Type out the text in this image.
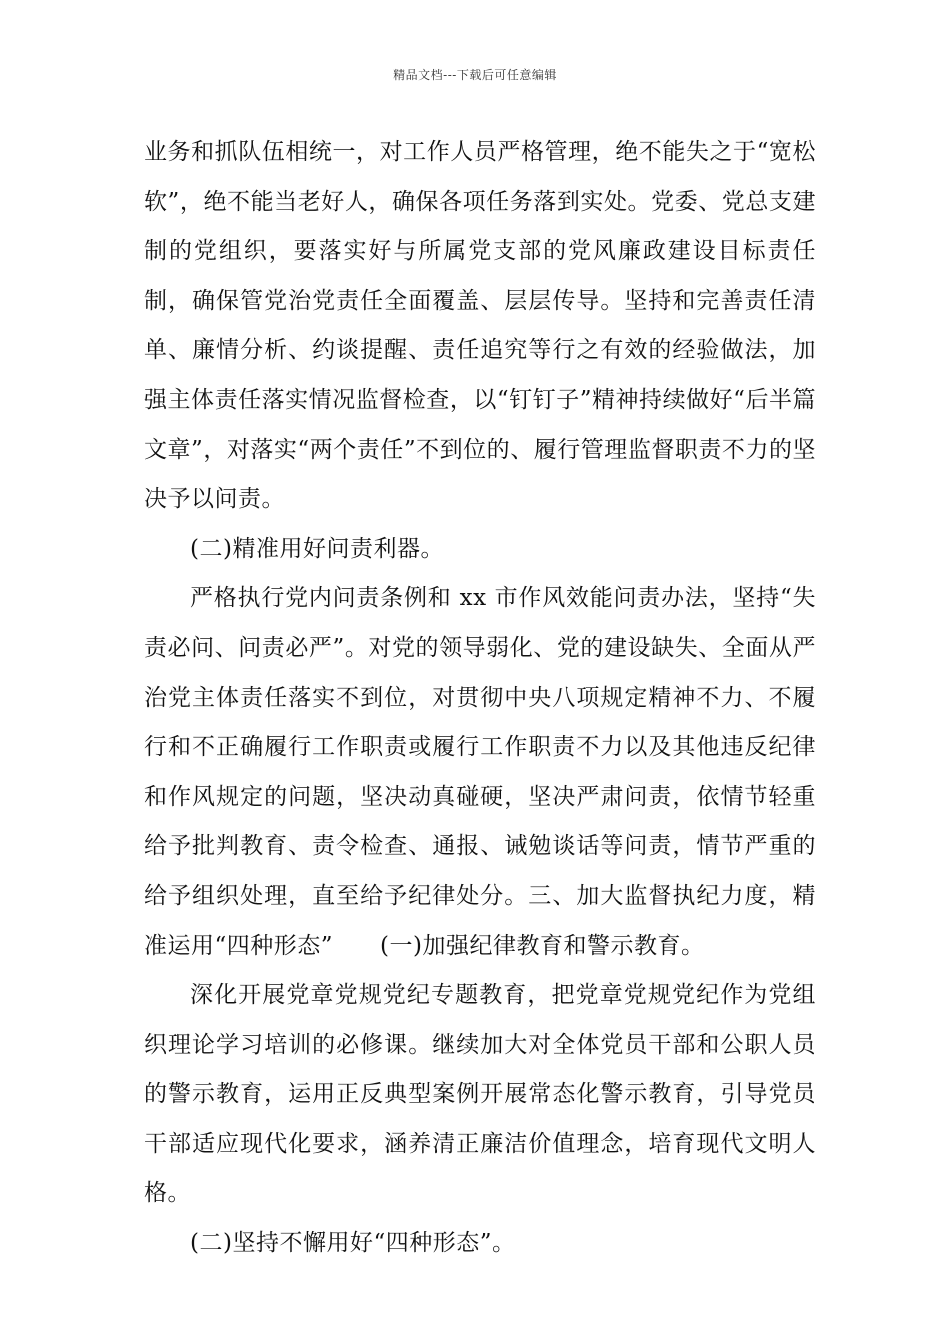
精品文档---下载后可任意编辑

业务和抓队伍相统一，对工作人员严格管理，绝不能失之于“宽松软”，绝不能当老好人，确保各项任务落到实处。党委、党总支建制的党组织，要落实好与所属党支部的党风廉政建设目标责任制，确保管党治党责任全面覆盖、层层传导。坚持和完善责任清单、廉情分析、约谈提醒、责任追究等行之有效的经验做法，加强主体责任落实情况监督检查，以“钉钉子”精神持续做好“后半篇文章”，对落实“两个责任”不到位的、履行管理监督职责不力的坚决予以问责。

(二)精准用好问责利器。

严格执行党内问责条例和 xx 市作风效能问责办法，坚持“失责必问、问责必严”。对党的领导弱化、党的建设缺失、全面从严治党主体责任落实不到位，对贯彻中央八项规定精神不力、不履行和不正确履行工作职责或履行工作职责不力以及其他违反纪律和作风规定的问题，坚决动真碰硬，坚决严肃问责，依情节轻重给予批判教育、责令检查、通报、诫勉谈话等问责，情节严重的给予组织处理，直至给予纪律处分。三、加大监督执纪力度，精准运用“四种形态”　　(一)加强纪律教育和警示教育。

深化开展党章党规党纪专题教育，把党章党规党纪作为党组织理论学习培训的必修课。继续加大对全体党员干部和公职人员的警示教育，运用正反典型案例开展常态化警示教育，引导党员干部适应现代化要求，涵养清正廉洁价值理念，培育现代文明人格。

(二)坚持不懈用好“四种形态”。
